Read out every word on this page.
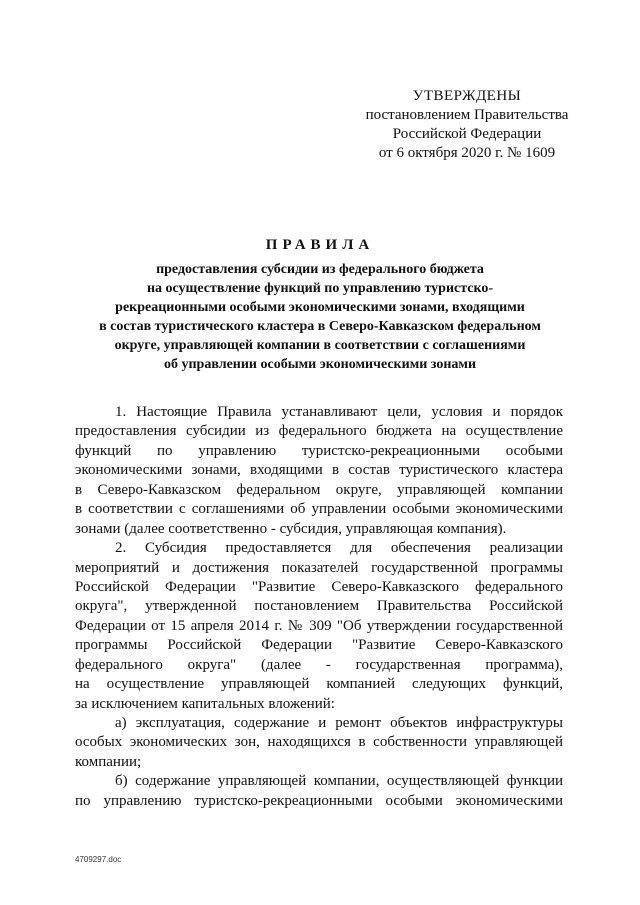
УТВЕРЖДЕНЫ
постановлением Правительства
Российской Федерации
от 6 октября 2020 г. № 1609
ПРАВИЛА
предоставления субсидии из федерального бюджета
на осуществление функций по управлению туристско-
рекреационными особыми экономическими зонами, входящими
в состав туристического кластера в Северо-Кавказском федеральном
округе, управляющей компании в соответствии с соглашениями
об управлении особыми экономическими зонами
1. Настоящие Правила устанавливают цели, условия и порядок
предоставления субсидии из федерального бюджета на осуществление
функций по управлению туристско-рекреационными особыми
экономическими зонами, входящими в состав туристического кластера
в Северо-Кавказском федеральном округе, управляющей компании
в соответствии с соглашениями об управлении особыми экономическими
зонами (далее соответственно - субсидия, управляющая компания).
2. Субсидия предоставляется для обеспечения реализации
мероприятий и достижения показателей государственной программы
Российской Федерации "Развитие Северо-Кавказского федерального
округа", утвержденной постановлением Правительства Российской
Федерации от 15 апреля 2014 г. № 309 "Об утверждении государственной
программы Российской Федерации "Развитие Северо-Кавказского
федерального округа" (далее - государственная программа),
на осуществление управляющей компанией следующих функций,
за исключением капитальных вложений:
а) эксплуатация, содержание и ремонт объектов инфраструктуры
особых экономических зон, находящихся в собственности управляющей
компании;
б) содержание управляющей компании, осуществляющей функции
по управлению туристско-рекреационными особыми экономическими
4709297.doc
